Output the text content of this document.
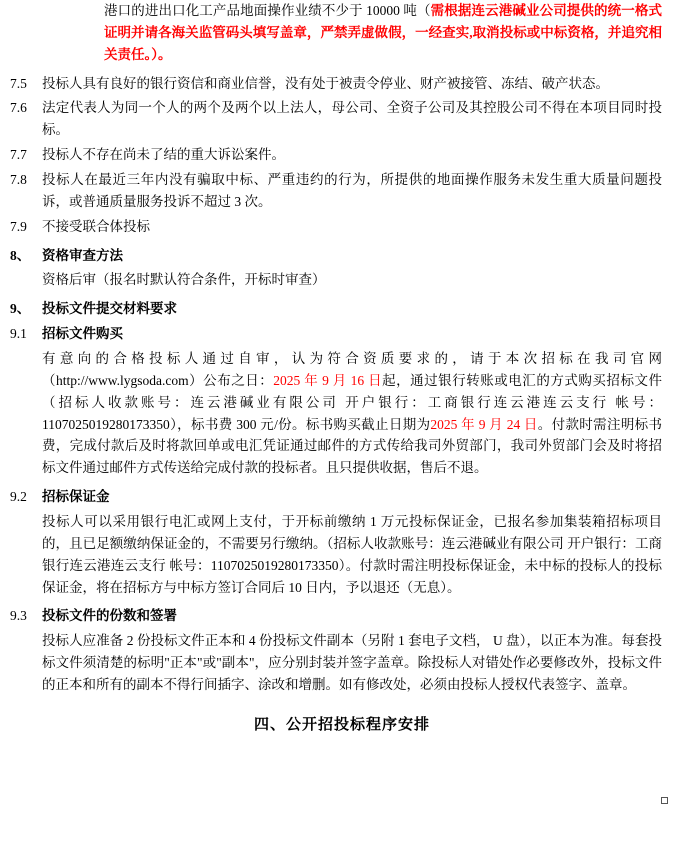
港口的进出口化工产品地面操作业绩不少于 10000 吨（需根据连云港碱业公司提供的统一格式证明并请各海关监管码头填写盖章，严禁弄虚做假，一经查实,取消投标或中标资格，并追究相关责任。）。
7.5	投标人具有良好的银行资信和商业信誉，没有处于被责令停业、财产被接管、冻结、破产状态。
7.6	法定代表人为同一个人的两个及两个以上法人，母公司、全资子公司及其控股公司不得在本项目同时投标。
7.7	投标人不存在尚未了结的重大诉讼案件。
7.8	投标人在最近三年内没有骗取中标、严重违约的行为，所提供的地面操作服务未发生重大质量问题投诉，或普通质量服务投诉不超过 3 次。
7.9	不接受联合体投标
8、 资格审查方法
资格后审（报名时默认符合条件，开标时审查）
9、 投标文件提交材料要求
9.1	招标文件购买
有意向的合格投标人通过自审，认为符合资质要求的，请于本次招标在我司官网（http://www.lygsoda.com）公布之日：2025 年 9 月 16 日起，通过银行转账或电汇的方式购买招标文件（招标人收款账号：连云港碱业有限公司 开户银行：工商银行连云港连云支行 帐号：1107025019280173350），标书费 300 元/份。标书购买截止日期为2025 年 9 月 24 日。付款时需注明标书费，完成付款后及时将款回单或电汇凭证通过邮件的方式传给我司外贸部门，我司外贸部门会及时将招标文件通过邮件方式传送给完成付款的投标者。且只提供收据，售后不退。
9.2	招标保证金
投标人可以采用银行电汇或网上支付，于开标前缴纳 1 万元投标保证金，已报名参加集装箱招标项目的，且已足额缴纳保证金的，不需要另行缴纳。（招标人收款账号：连云港碱业有限公司 开户银行：工商银行连云港连云支行 帐号：1107025019280173350）。付款时需注明投标保证金，未中标的投标人的投标保证金，将在招标方与中标方签订合同后 10 日内，予以退还（无息）。
9.3	投标文件的份数和签署
投标人应准备 2 份投标文件正本和 4 份投标文件副本（另附 1 套电子文档， U 盘），以正本为准。每套投标文件须清楚的标明"正本"或"副本"，应分别封装并签字盖章。除投标人对错处作必要修改外，投标文件的正本和所有的副本不得行间插字、涂改和增删。如有修改处，必须由投标人授权代表签字、盖章。
四、公开招投标程序安排
